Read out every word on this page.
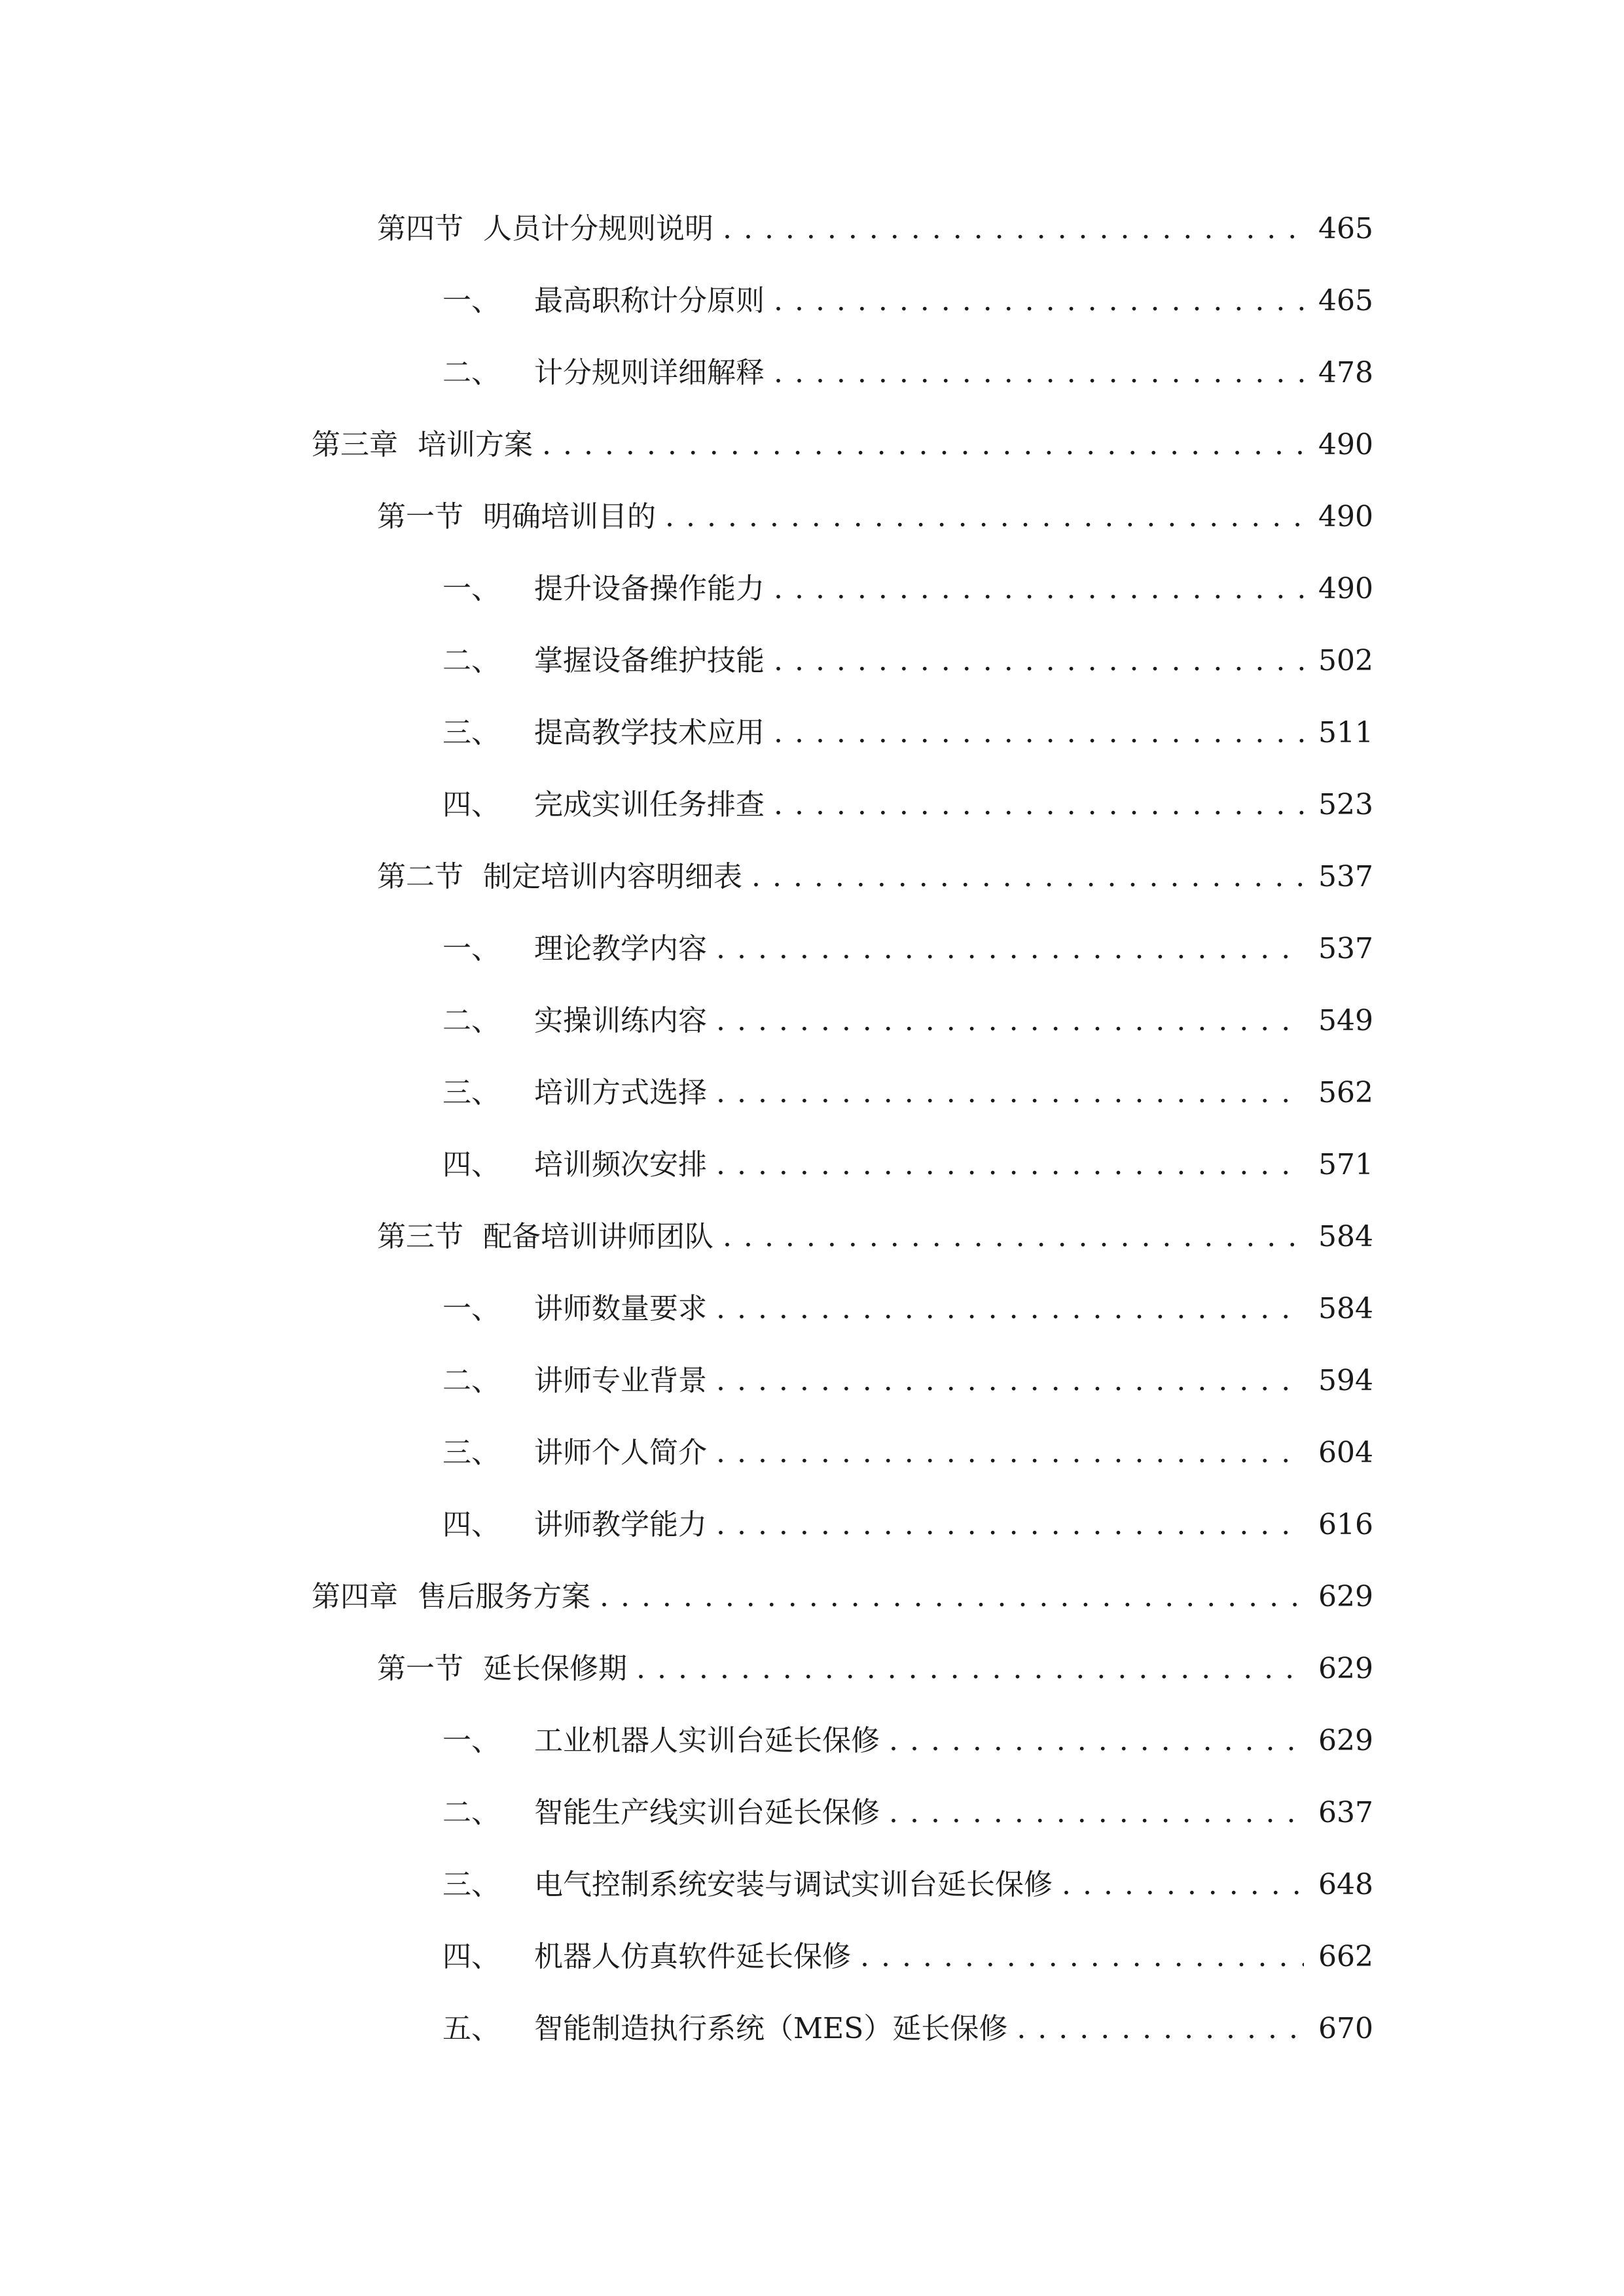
第四节 人员计分规则说明 . . .	465
一、 最高职称计分原则 . . .	465
二、 计分规则详细解释 . . .	478
第三章 培训方案 . . .	490
第一节 明确培训目的 . . .	490
一、 提升设备操作能力 . . .	490
二、 掌握设备维护技能 . . .	502
三、 提高教学技术应用 . . .	511
四、 完成实训任务排查 . . .	523
第二节 制定培训内容明细表 . . .	537
一、 理论教学内容 . . .	537
二、 实操训练内容 . . .	549
三、 培训方式选择 . . .	562
四、 培训频次安排 . . .	571
第三节 配备培训讲师团队 . . .	584
一、 讲师数量要求 . . .	584
二、 讲师专业背景 . . .	594
三、 讲师个人简介 . . .	604
四、 讲师教学能力 . . .	616
第四章 售后服务方案 . . .	629
第一节 延长保修期 . . .	629
一、 工业机器人实训台延长保修 . . .	629
二、 智能生产线实训台延长保修 . . .	637
三、 电气控制系统安装与调试实训台延长保修 . . .	648
四、 机器人仿真软件延长保修 . . .	662
五、 智能制造执行系统（MES）延长保修 . . .	670
